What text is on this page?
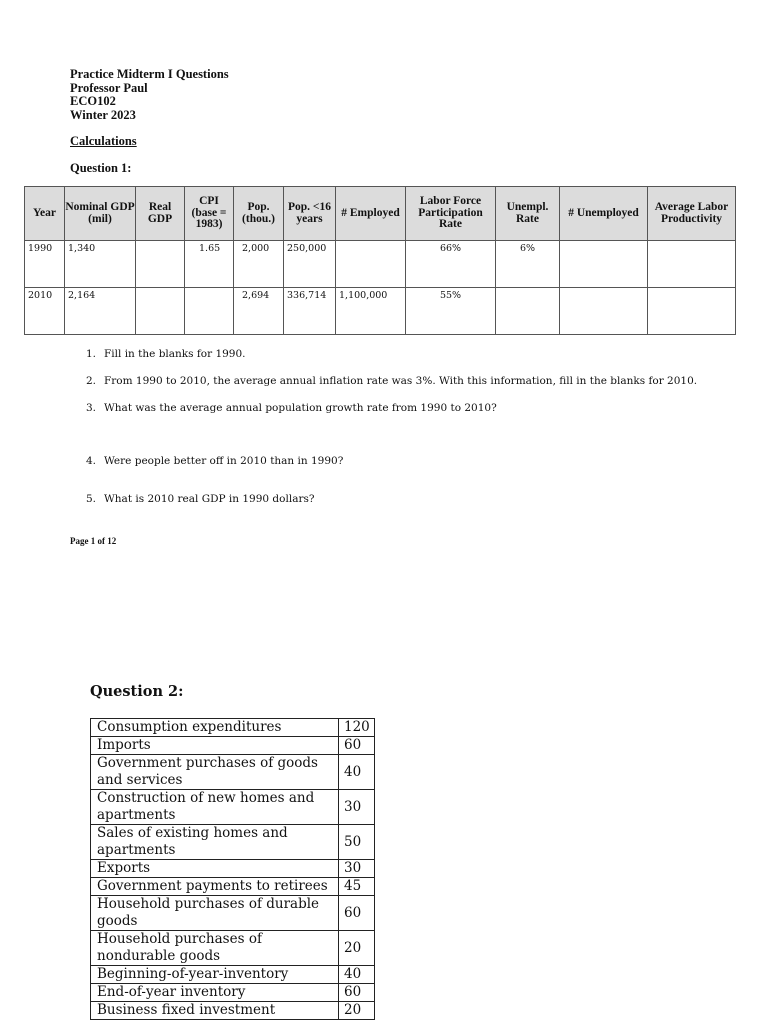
Practice Midterm I Questions
Professor Paul
ECO102
Winter 2023
Calculations
Question 1:
Year	Nominal GDP (mil)	Real GDP	CPI (base = 1983)	Pop. (thou.)	Pop. <16 years	# Employed	Labor Force Participation Rate	Unempl. Rate	# Unemployed	Average Labor Productivity

1990	1,340		1.65	2,000	250,000		66%	6%		

2010	2,164			2,694	336,714	1,100,000	55%			

1. Fill in the blanks for 1990.
2. From 1990 to 2010, the average annual inflation rate was 3%. With this information, fill in the blanks for 2010.
3. What was the average annual population growth rate from 1990 to 2010?
4. Were people better off in 2010 than in 1990?
5. What is 2010 real GDP in 1990 dollars?
Page 1 of 12
Question 2:
Consumption expenditures	120
Imports	60
Government purchases of goods and services	40
Construction of new homes and apartments	30
Sales of existing homes and apartments	50
Exports	30
Government payments to retirees	45
Household purchases of durable goods	60
Household purchases of nondurable goods	20
Beginning-of-year-inventory	40
End-of-year inventory	60
Business fixed investment	20
